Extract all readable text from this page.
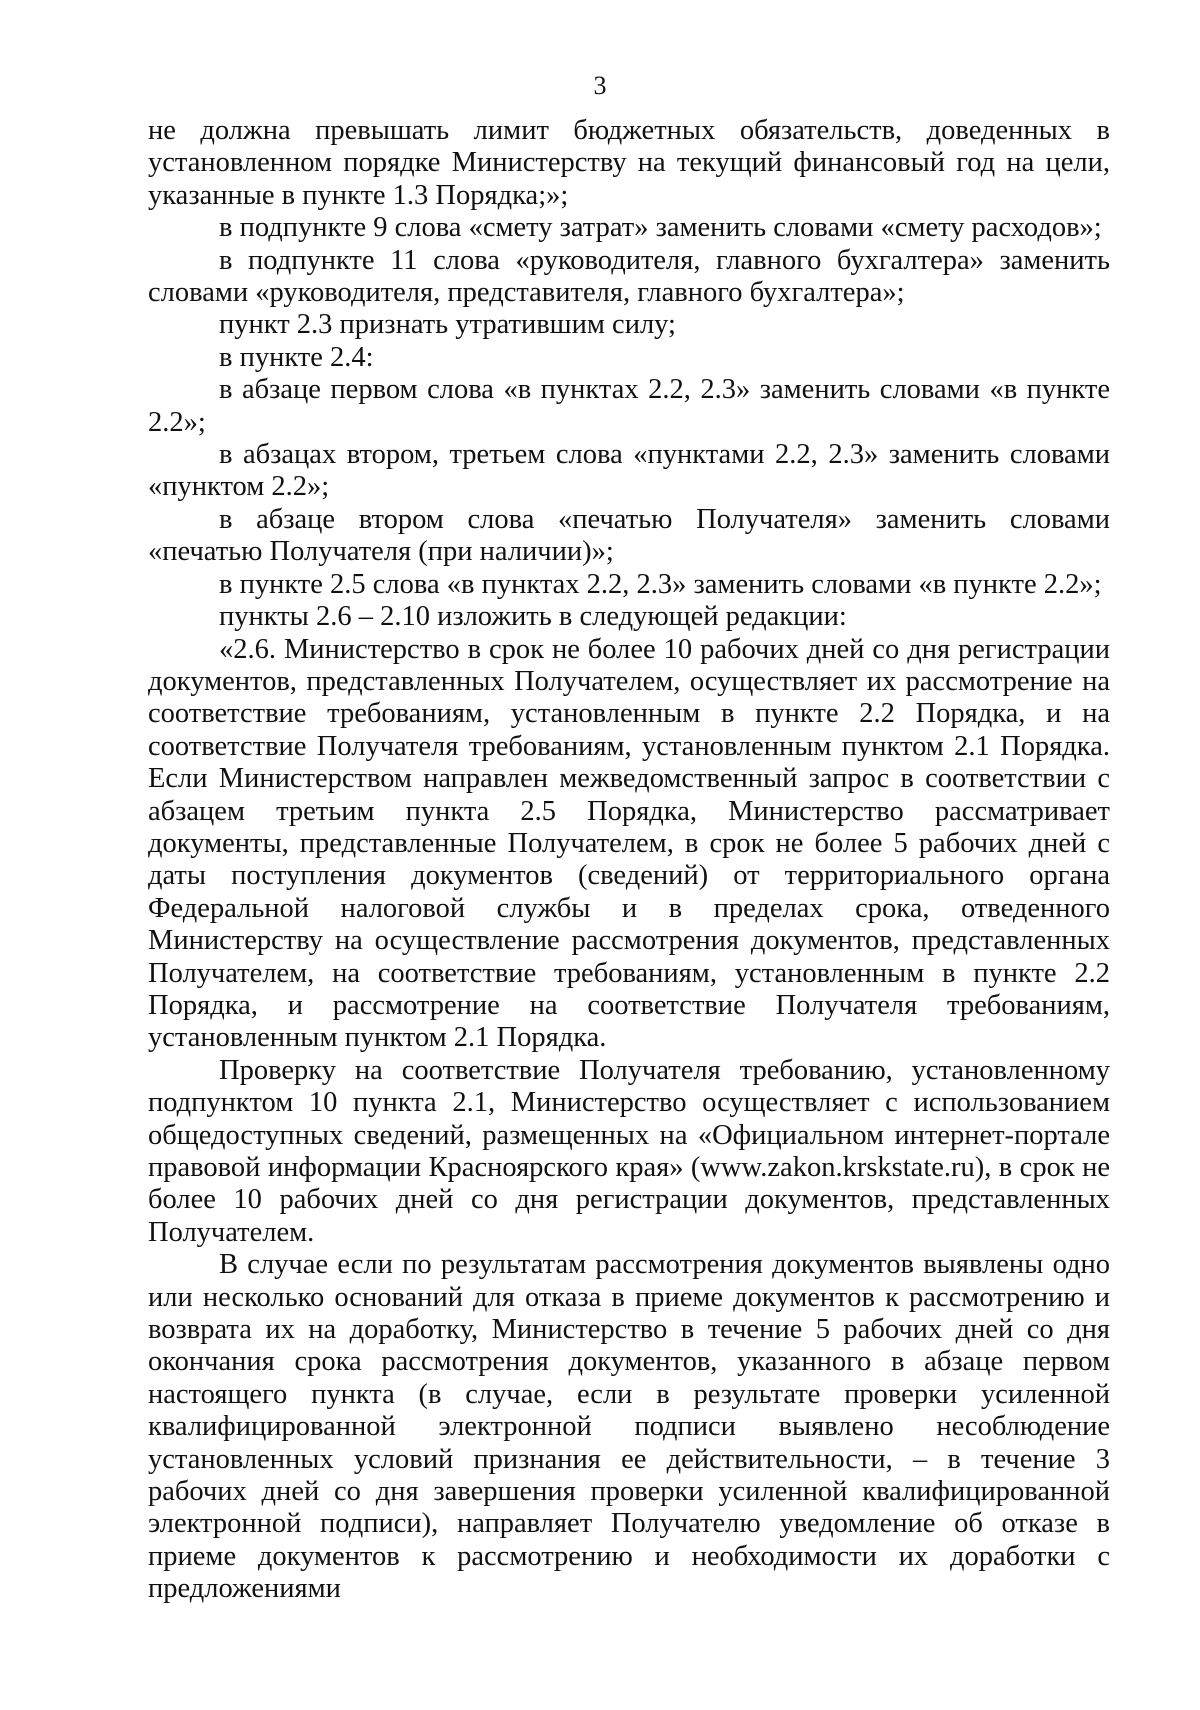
3

не должна превышать лимит бюджетных обязательств, доведенных в установленном порядке Министерству на текущий финансовый год на цели, указанные в пункте 1.3 Порядка;»;

в подпункте 9 слова «смету затрат» заменить словами «смету расходов»;

в подпункте 11 слова «руководителя, главного бухгалтера» заменить словами «руководителя, представителя, главного бухгалтера»;

пункт 2.3 признать утратившим силу;

в пункте 2.4:

в абзаце первом слова «в пунктах 2.2, 2.3» заменить словами «в пункте 2.2»;

в абзацах втором, третьем слова «пунктами 2.2, 2.3» заменить словами «пунктом 2.2»;

в абзаце втором слова «печатью Получателя» заменить словами «печатью Получателя (при наличии)»;

в пункте 2.5 слова «в пунктах 2.2, 2.3» заменить словами «в пункте 2.2»;

пункты 2.6 – 2.10 изложить в следующей редакции:

«2.6. Министерство в срок не более 10 рабочих дней со дня регистрации документов, представленных Получателем, осуществляет их рассмотрение на соответствие требованиям, установленным в пункте 2.2 Порядка, и на соответствие Получателя требованиям, установленным пунктом 2.1 Порядка. Если Министерством направлен межведомственный запрос в соответствии с абзацем третьим пункта 2.5 Порядка, Министерство рассматривает документы, представленные Получателем, в срок не более 5 рабочих дней с даты поступления документов (сведений) от территориального органа Федеральной налоговой службы и в пределах срока, отведенного Министерству на осуществление рассмотрения документов, представленных Получателем, на соответствие требованиям, установленным в пункте 2.2 Порядка, и рассмотрение на соответствие Получателя требованиям, установленным пунктом 2.1 Порядка.

Проверку на соответствие Получателя требованию, установленному подпунктом 10 пункта 2.1, Министерство осуществляет с использованием общедоступных сведений, размещенных на «Официальном интернет-портале правовой информации Красноярского края» (www.zakon.krskstate.ru), в срок не более 10 рабочих дней со дня регистрации документов, представленных Получателем.

В случае если по результатам рассмотрения документов выявлены одно или несколько оснований для отказа в приеме документов к рассмотрению и возврата их на доработку, Министерство в течение 5 рабочих дней со дня окончания срока рассмотрения документов, указанного в абзаце первом настоящего пункта (в случае, если в результате проверки усиленной квалифицированной электронной подписи выявлено несоблюдение установленных условий признания ее действительности, – в течение 3 рабочих дней со дня завершения проверки усиленной квалифицированной электронной подписи), направляет Получателю уведомление об отказе в приеме документов к рассмотрению и необходимости их доработки с предложениями
